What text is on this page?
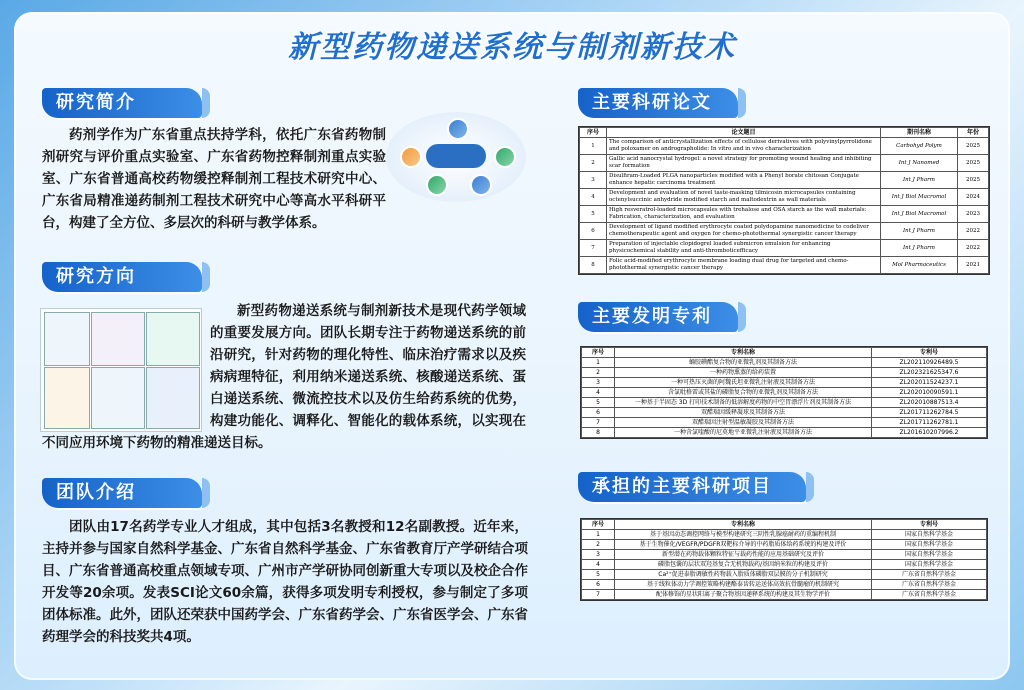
新型药物递送系统与制剂新技术
研究简介

药剂学作为广东省重点扶持学科，依托广东省药物制剂研究与评价重点实验室、广东省药物控释制剂重点实验室、广东省普通高校药物缓控释制剂工程技术研究中心、广东省局精准递药制剂工程技术研究中心等高水平科研平台，构建了全方位、多层次的科研与教学体系。

研究方向

新型药物递送系统与制剂新技术是现代药学领域的重要发展方向。团队长期专注于药物递送系统的前沿研究，针对药物的理化特性、临床治疗需求以及疾病病理特征，利用纳米递送系统、核酸递送系统、蛋白递送系统、微流控技术以及仿生给药系统的优势，构建功能化、调释化、智能化的载体系统，以实现在不同应用环境下药物的精准递送目标。

团队介绍

团队由17名药学专业人才组成，其中包括3名教授和12名副教授。近年来，主持并参与国家自然科学基金、广东省自然科学基金、广东省教育厅产学研结合项目、广东省普通高校重点领域专项、广州市产学研协同创新重大专项以及校企合作开发等20余项。发表SCI论文60余篇，获得多项发明专利授权，参与制定了多项团体标准。此外，团队还荣获中国药学会、广东省药学会、广东省医学会、广东省药理学会的科技奖共4项。

主要科研论文
序号	论文题目	期刊名称	年份
1	The comparison of anticrystallization effects of cellulose derivatives with polyvinylpyrrolidone and poloxamer on andrographolide: In vitro and in vivo characterization	Carbohyd Polym	2025
2	Gallic acid nanocrystal hydrogel: a novel strategy for promoting wound healing and inhibiting scar formation	Int J Nanomed	2025
3	Disulfiram-Loaded PLGA nanoparticles modified with a Phenyl borate chitosan Conjugate enhance hepatic carcinoma treatment	Int J Pharm	2025
4	Development and evaluation of novel taste-masking tilmicosin microcapsules containing octenylsuccinic anhydride modified starch and maltodextrin as wall materials	Int J Biol Macromol	2024
5	High resveratrol-loaded microcapsules with trehalose and OSA starch as the wall materials: Fabrication, characterization, and evaluation	Int J Biol Macromol	2023
6	Development of ligand modified erythrocyte coated polydopamine nanomedicine to codeliver chemotherapeutic agent and oxygen for chemo-photothermal synergistic cancer therapy	Int J Pharm	2022
7	Preparation of injectable clopidogrel loaded submicron emulsion for enhancing physicochemical stability and anti-thromboticefficacy	Int J Pharm	2022
8	Folic acid-modified erythrocyte membrane loading dual drug for targeted and chemo-photothermal synergistic cancer therapy	Mol Pharmaceutics	2021
主要发明专利
序号	专利名称	专利号
1	蛹胶碘酯复合物的亚微乳剂及其制备方法	ZL202110926489.5
2	一种药物熏蒸的给药装置	ZL202321625347.6
3	一种可热压灭菌的阿魏氏坦亚微乳注射液及其制备方法	ZL202011524237.1
4	含氯吡格雷或其盐的磷脂复合物的亚微乳剂及其制备方法	ZL202010090591.1
5	一种基于半固态 3D 打印技术制备的低溶解度药物的中空胃漂浮片剂及其制备方法	ZL202010887513.4
6	双醋瑞因缓释凝球及其制备方法	ZL201711262784.5
7	双醋瑞因注射型温敏凝胶及其制备方法	ZL201711262781.1
8	一种含氯喹酸的尼莫地平亚微乳注射液及其制备方法	ZL201610207996.2
承担的主要科研项目
序号	专利名称	专利号
1	基于基因动态调控网络与模型构建研究三阴性乳腺癌耐药的重编程机制	国家自然科学基金
2	基于生物催化/VEGFR/PDGFR双靶标介导的中药脂质体给药系统的构建及评价	国家自然科学基金
3	新型潜在药物载体颗粒特征与载药性能的应用基础研究及评价	国家自然科学基金
4	磷脂包囊的层状双羟基复合无机物载药/基因纳米粒的构建及评价	国家自然科学基金
5	Ca²⁺促进泰脂调敏性药物载入脂质体磷脂双层膜的分子机制研究	广东省自然科学基金
6	基于线粒体动力学调控策略构建酪泰齿转运送体高效抗骨髓瘤的机制研究	广东省自然科学基金
7	配体修饰的星状阳离子聚合物基因递释系统的构建及其生物学评价	广东省自然科学基金
